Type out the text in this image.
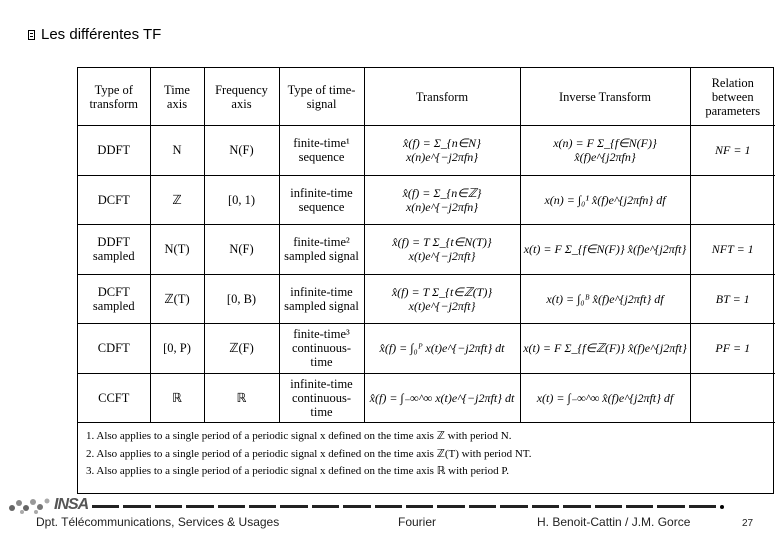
Les différentes TF
Type of transform	Time axis	Frequency axis	Type of time-signal	Transform	Inverse Transform	Relation between parameters
DDFT	N	N(F)	finite-time¹ sequence	x̂(f) = Σ_{n∈N} x(n)e^{−j2πfn}	x(n) = F Σ_{f∈N(F)} x̂(f)e^{j2πfn}	NF = 1
DCFT	ℤ	[0, 1)	infinite-time sequence	x̂(f) = Σ_{n∈ℤ} x(n)e^{−j2πfn}	x(n) = ∫₀¹ x̂(f)e^{j2πfn} df	
DDFT sampled	N(T)	N(F)	finite-time² sampled signal	x̂(f) = T Σ_{t∈N(T)} x(t)e^{−j2πft}	x(t) = F Σ_{f∈N(F)} x̂(f)e^{j2πft}	NFT = 1
DCFT sampled	ℤ(T)	[0, B)	infinite-time sampled signal	x̂(f) = T Σ_{t∈ℤ(T)} x(t)e^{−j2πft}	x(t) = ∫₀ᴮ x̂(f)e^{j2πft} df	BT = 1
CDFT	[0, P)	ℤ(F)	finite-time³ continuous-time	x̂(f) = ∫₀ᴾ x(t)e^{−j2πft} dt	x(t) = F Σ_{f∈ℤ(F)} x̂(f)e^{j2πft}	PF = 1
CCFT	ℝ	ℝ	infinite-time continuous-time	x̂(f) = ∫₋∞^∞ x(t)e^{−j2πft} dt	x(t) = ∫₋∞^∞ x̂(f)e^{j2πft} df	
1. Also applies to a single period of a periodic signal x defined on the time axis ℤ with period N.
2. Also applies to a single period of a periodic signal x defined on the time axis ℤ(T) with period NT.
3. Also applies to a single period of a periodic signal x defined on the time axis ℝ with period P.
INSA
Dpt. Télécommunications, Services & Usages	Fourier	H. Benoit-Cattin / J.M. Gorce	27
